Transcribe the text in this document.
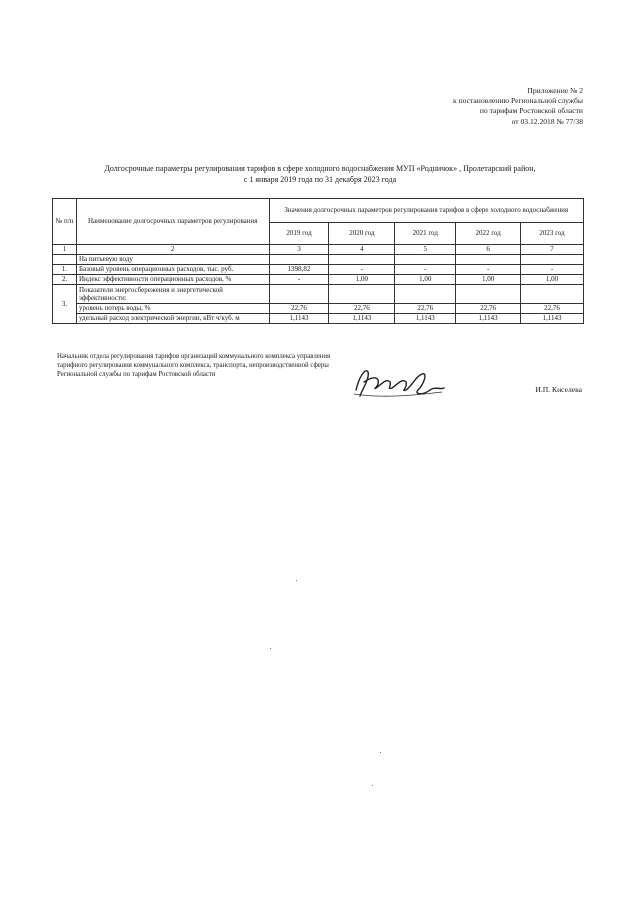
Приложение № 2
к постановлению Региональной службы
по тарифам Ростовской области
от 03.12.2018 № 77/38
Долгосрочные параметры регулирования тарифов в сфере холодного водоснабжения МУП «Родничок» , Пролетарский район,
с 1 января 2019 года по 31 декабря 2023 года
№ п/п	Наименование долгосрочных параметров регулирования	Значения долгосрочных параметров регулирования тарифов в сфере холодного водоснабжения				
		2019 год	2020 год	2021 год	2022 год	2023 год
1	2	3	4	5	6	7
	На питьевую воду					
1.	Базовый уровень операционных расходов, тыс. руб.	1398,82	-	-	-	-
2.	Индекс эффективности операционных расходов, %	-	1,00	1,00	1,00	1,00
3.	Показатели энергосбережения и энергетической эффективности:					
	уровень потерь воды, %	22,76	22,76	22,76	22,76	22,76
	удельный расход электрической энергии, кВт ч/куб. м	1,1143	1,1143	1,1143	1,1143	1,1143
Начальник отдела регулирования тарифов организаций коммунального комплекса управления тарифного регулирования коммунального комплекса, транспорта, непроизводственной сферы Региональной службы по тарифам Ростовской области
И.П. Киселева
